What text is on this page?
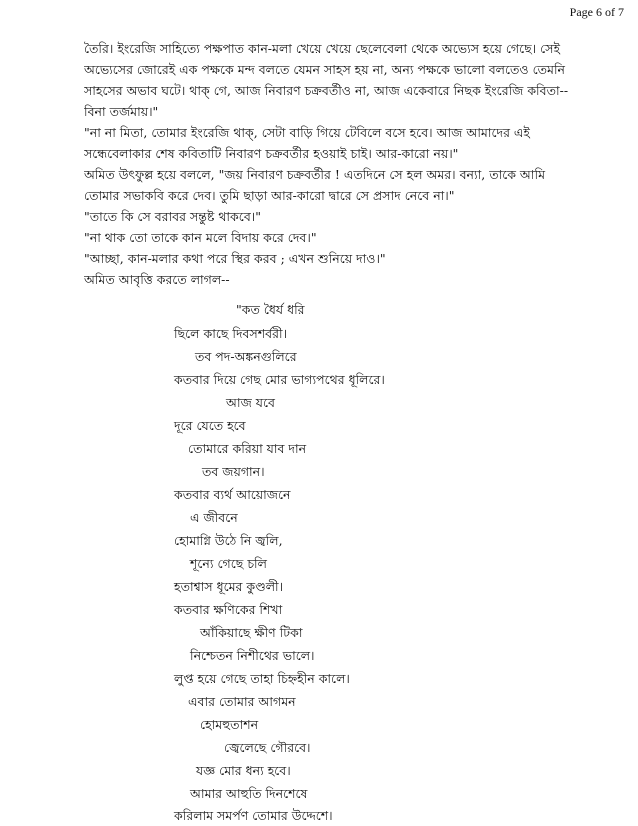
Page 6 of 7
তৈরি। ইংরেজি সাহিত্যে পক্ষপাত কান-মলা খেয়ে খেয়ে ছেলেবেলা থেকে অভ্যেস হয়ে গেছে। সেই
অভ্যেসের জোরেই এক পক্ষকে মন্দ বলতে যেমন সাহস হয় না, অন্য পক্ষকে ভালো বলতেও তেমনি
সাহসের অভাব ঘটে। থাক্‌ গে, আজ নিবারণ চক্রবর্তীও না, আজ একেবারে নিছক ইংরেজি কবিতা--
বিনা তর্জমায়।"
"না না মিতা, তোমার ইংরেজি থাক্‌, সেটা বাড়ি গিয়ে টেবিলে বসে হবে। আজ আমাদের এই
সন্ধেবেলাকার শেষ কবিতাটি নিবারণ চক্রবর্তীর হওয়াই চাই। আর-কারো নয়।"
অমিত উৎফুল্ল হয়ে বললে, "জয় নিবারণ চক্রবর্তীর ! এতদিনে সে হল অমর। বন্যা, তাকে আমি
তোমার সভাকবি করে দেব। তুমি ছাড়া আর-কারো দ্বারে সে প্রসাদ নেবে না।"
"তাতে কি সে বরাবর সন্তুষ্ট থাকবে।"
"না থাক তো তাকে কান মলে বিদায় করে দেব।"
"আচ্ছা, কান-মলার কথা পরে স্থির করব ; এখন শুনিয়ে দাও।"
অমিত আবৃত্তি করতে লাগল--
"কত ধৈর্য ধরি
ছিলে কাছে দিবসশর্বরী।
তব পদ-অঙ্কনগুলিরে
কতবার দিয়ে গেছ মোর ভাগ্যপথের ধূলিরে।
আজ যবে
দূরে যেতে হবে
তোমারে করিয়া যাব দান
তব জয়গান।
কতবার ব্যর্থ আয়োজনে
এ জীবনে
হোমাগ্নি উঠে নি জ্বলি,
শূন্যে গেছে চলি
হতাশ্বাস ধূমের কুণ্ডলী।
কতবার ক্ষণিকের শিখা
আঁকিয়াছে ক্ষীণ টিকা
নিশ্চেতন নিশীথের ভালে।
লুপ্ত হয়ে গেছে তাহা চিহ্নহীন কালে।
এবার তোমার আগমন
হোমহুতাশন
জ্বেলেছে গৌরবে।
যজ্ঞ মোর ধন্য হবে।
আমার আহুতি দিনশেষে
করিলাম সমর্পণ তোমার উদ্দেশে।
